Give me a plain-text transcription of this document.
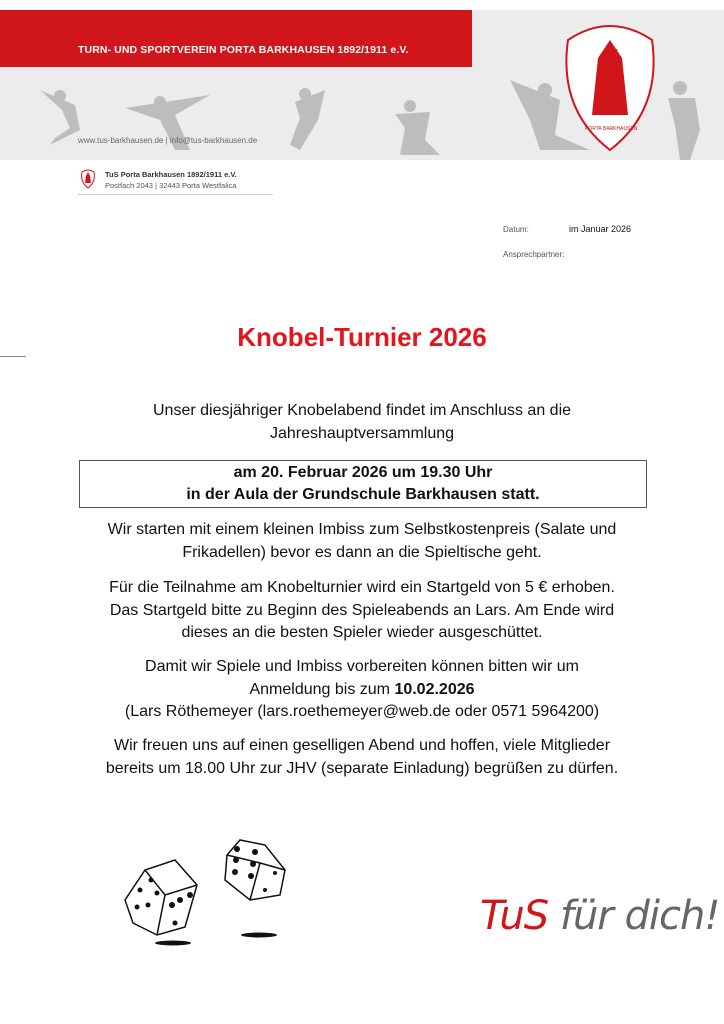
TUS
PORTA BARKHAUSEN
TURN- UND SPORTVEREIN PORTA BARKHAUSEN 1892/1911 e.V.
www.tus-barkhausen.de | info@tus-barkhausen.de
TuS Porta Barkhausen 1892/1911 e.V.
Postfach 2043 | 32443 Porta Westfalica
Datum:	im Januar 2026
Ansprechpartner:
Knobel-Turnier 2026
Unser diesjähriger Knobelabend findet im Anschluss an die
Jahreshauptversammlung
am 20. Februar 2026 um 19.30 Uhr
in der Aula der Grundschule Barkhausen statt.
Wir starten mit einem kleinen Imbiss zum Selbstkostenpreis (Salate und
Frikadellen) bevor es dann an die Spieltische geht.
Für die Teilnahme am Knobelturnier wird ein Startgeld von 5 € erhoben.
Das Startgeld bitte zu Beginn des Spieleabends an Lars. Am Ende wird
dieses an die besten Spieler wieder ausgeschüttet.
Damit wir Spiele und Imbiss vorbereiten können bitten wir um
Anmeldung bis zum 10.02.2026
(Lars Röthemeyer (lars.roethemeyer@web.de oder 0571 5964200)
Wir freuen uns auf einen geselligen Abend und hoffen, viele Mitglieder
bereits um 18.00 Uhr zur JHV (separate Einladung) begrüßen zu dürfen.
TuS für dich!
